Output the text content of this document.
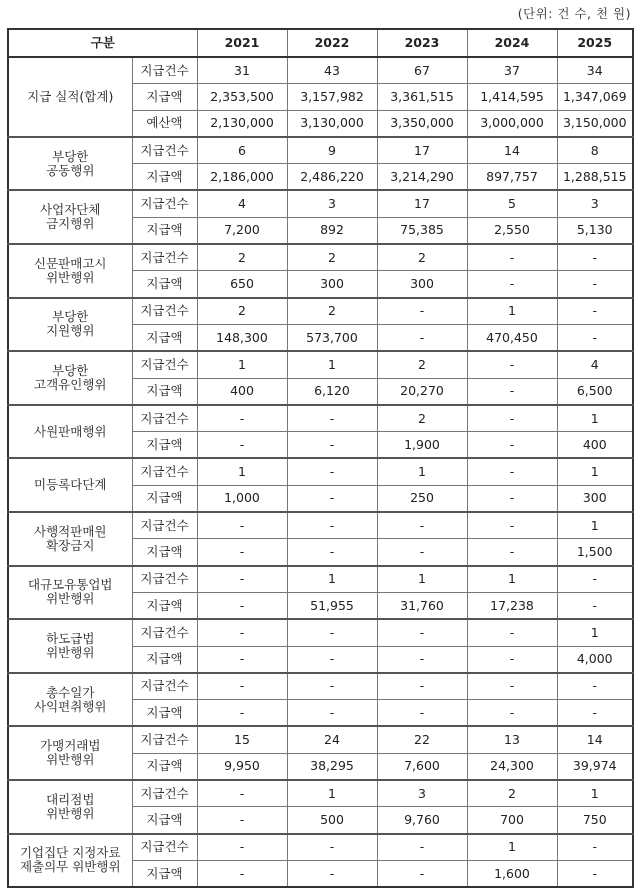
(단위: 건 수, 천 원)
구분		2021	2022	2023	2024	2025
지급 실적(합계)	지급건수	31	43	67	37	34
	지급액	2,353,500	3,157,982	3,361,515	1,414,595	1,347,069
	예산액	2,130,000	3,130,000	3,350,000	3,000,000	3,150,000

부당한
공동행위	지급건수	6	9	17	14	8
	지급액	2,186,000	2,486,220	3,214,290	897,757	1,288,515

사업자단체
금지행위	지급건수	4	3	17	5	3
	지급액	7,200	892	75,385	2,550	5,130

신문판매고시
위반행위	지급건수	2	2	2	-	-
	지급액	650	300	300	-	-

부당한
지원행위	지급건수	2	2	-	1	-
	지급액	148,300	573,700	-	470,450	-

부당한
고객유인행위	지급건수	1	1	2	-	4
	지급액	400	6,120	20,270	-	6,500

사원판매행위	지급건수	-	-	2	-	1
	지급액	-	-	1,900	-	400

미등록다단계	지급건수	1	-	1	-	1
	지급액	1,000	-	250	-	300

사행적판매원
확장금지	지급건수	-	-	-	-	1
	지급액	-	-	-	-	1,500

대규모유통업법
위반행위	지급건수	-	1	1	1	-
	지급액	-	51,955	31,760	17,238	-

하도급법
위반행위	지급건수	-	-	-	-	1
	지급액	-	-	-	-	4,000

총수일가
사익편취행위	지급건수	-	-	-	-	-
	지급액	-	-	-	-	-

가맹거래법
위반행위	지급건수	15	24	22	13	14
	지급액	9,950	38,295	7,600	24,300	39,974

대리점법
위반행위	지급건수	-	1	3	2	1
	지급액	-	500	9,760	700	750

기업집단 지정자료
제출의무 위반행위	지급건수	-	-	-	1	-
	지급액	-	-	-	1,600	-
